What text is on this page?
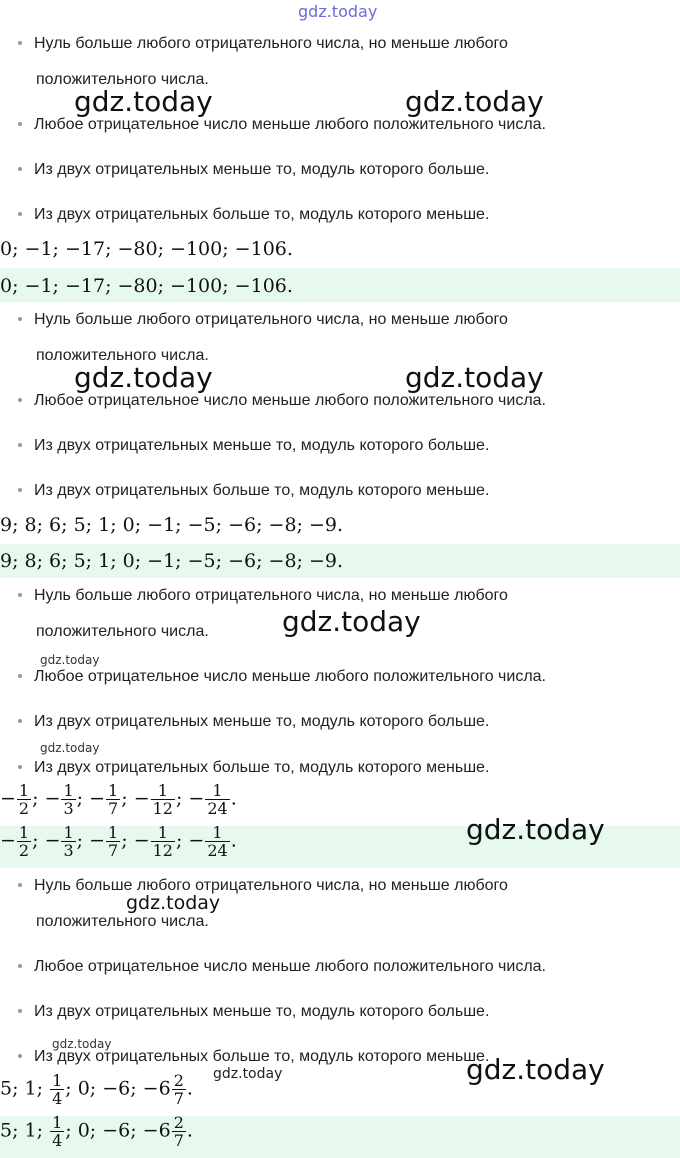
gdz.today
Нуль больше любого отрицательного числа, но меньше любого
положительного числа.
gdz.today	gdz.today
Любое отрицательное число меньше любого положительного числа.
Из двух отрицательных меньше то, модуль которого больше.
Из двух отрицательных больше то, модуль которого меньше.
0; −1; −17; −80; −100; −106.
0; −1; −17; −80; −100; −106.
Нуль больше любого отрицательного числа, но меньше любого
положительного числа.
gdz.today	gdz.today
Любое отрицательное число меньше любого положительного числа.
Из двух отрицательных меньше то, модуль которого больше.
Из двух отрицательных больше то, модуль которого меньше.
9; 8; 6; 5; 1; 0; −1; −5; −6; −8; −9.
9; 8; 6; 5; 1; 0; −1; −5; −6; −8; −9.
Нуль больше любого отрицательного числа, но меньше любого
положительного числа.	gdz.today
gdz.today
Любое отрицательное число меньше любого положительного числа.
Из двух отрицательных меньше то, модуль которого больше.
gdz.today
Из двух отрицательных больше то, модуль которого меньше.
− $\frac{1}{2}$ ; − $\frac{1}{3}$ ; − $\frac{1}{7}$ ; − $\frac{1}{12}$ ; − $\frac{1}{24}$ .
− $\frac{1}{2}$ ; − $\frac{1}{3}$ ; − $\frac{1}{7}$ ; − $\frac{1}{12}$ ; − $\frac{1}{24}$ .	gdz.today
Нуль больше любого отрицательного числа, но меньше любого
gdz.today
положительного числа.
Любое отрицательное число меньше любого положительного числа.
Из двух отрицательных меньше то, модуль которого больше.
gdz.today
Из двух отрицательных больше то, модуль которого меньше.
gdz.today
5; 1; $\frac{1}{4}$ ; 0; −6; $-6 \frac{2}{7}$ .
gdz.today
5; 1; $\frac{1}{4}$ ; 0; −6; $-6 \frac{2}{7}$ .
